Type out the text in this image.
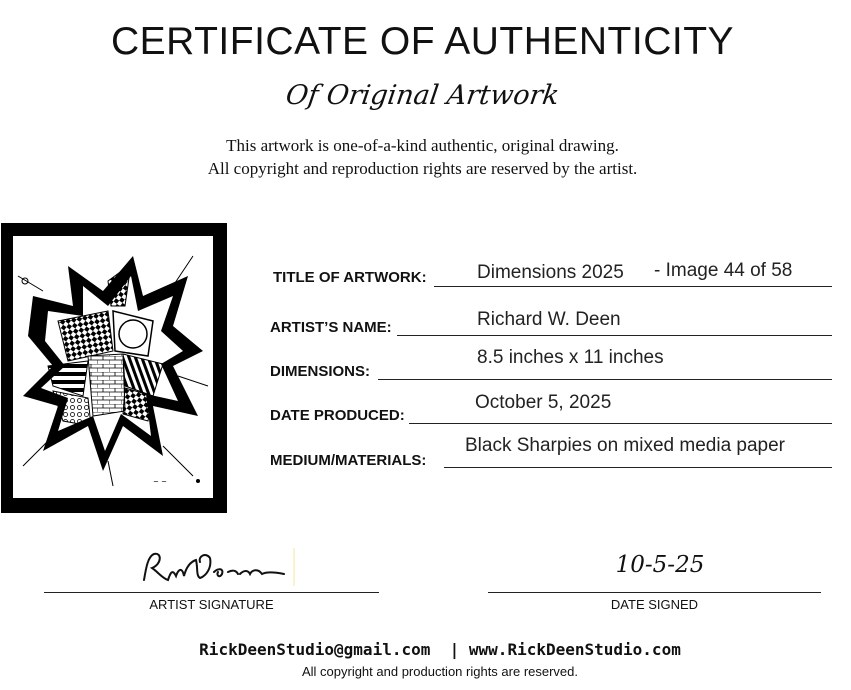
CERTIFICATE OF AUTHENTICITY
Of Original Artwork
This artwork is one-of-a-kind authentic, original drawing.
All copyright and reproduction rights are reserved by the artist.
~ ~
TITLE OF ARTWORK:	Dimensions 2025 - Image 44 of 58
ARTIST’S NAME:	Richard W. Deen
DIMENSIONS:
8.5 inches x 11 inches
DATE PRODUCED:
October 5, 2025
MEDIUM/MATERIALS:
Black Sharpies on mixed media paper
ARTIST SIGNATURE
10-5-25
DATE SIGNED
RickDeenStudio@gmail.com | www.RickDeenStudio.com
All copyright and production rights are reserved.
